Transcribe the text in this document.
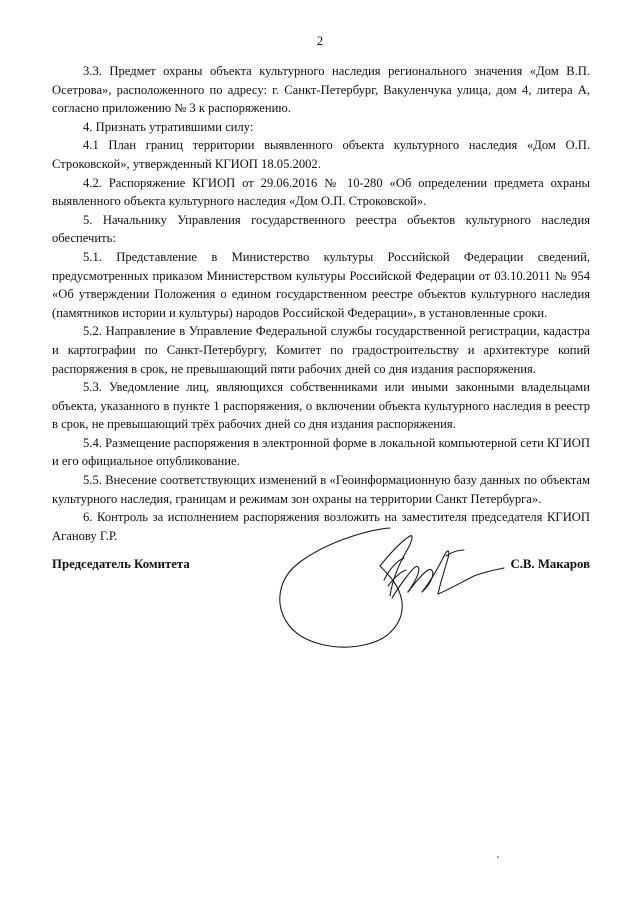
2

3.3. Предмет охраны объекта культурного наследия регионального значения «Дом В.П. Осетрова», расположенного по адресу: г. Санкт-Петербург, Вакуленчука улица, дом 4, литера А, согласно приложению № 3 к распоряжению.

4. Признать утратившими силу:

4.1 План границ территории выявленного объекта культурного наследия «Дом О.П. Строковской», утвержденный КГИОП 18.05.2002.

4.2. Распоряжение КГИОП от 29.06.2016 № 10-280 «Об определении предмета охраны выявленного объекта культурного наследия «Дом О.П. Строковской».

5. Начальнику Управления государственного реестра объектов культурного наследия обеспечить:

5.1. Представление в Министерство культуры Российской Федерации сведений, предусмотренных приказом Министерством культуры Российской Федерации от 03.10.2011 № 954 «Об утверждении Положения о едином государственном реестре объектов культурного наследия (памятников истории и культуры) народов Российской Федерации», в установленные сроки.

5.2. Направление в Управление Федеральной службы государственной регистрации, кадастра и картографии по Санкт-Петербургу, Комитет по градостроительству и архитектуре копий распоряжения в срок, не превышающий пяти рабочих дней со дня издания распоряжения.

5.3. Уведомление лиц, являющихся собственниками или иными законными владельцами объекта, указанного в пункте 1 распоряжения, о включении объекта культурного наследия в реестр в срок, не превышающий трёх рабочих дней со дня издания распоряжения.

5.4. Размещение распоряжения в электронной форме в локальной компьютерной сети КГИОП и его официальное опубликование.

5.5. Внесение соответствующих изменений в «Геоинформационную базу данных по объектам культурного наследия, границам и режимам зон охраны на территории Санкт Петербурга».

6. Контроль за исполнением распоряжения возложить на заместителя председателя КГИОП Аганову Г.Р.

Председатель Комитета	С.В. Макаров
